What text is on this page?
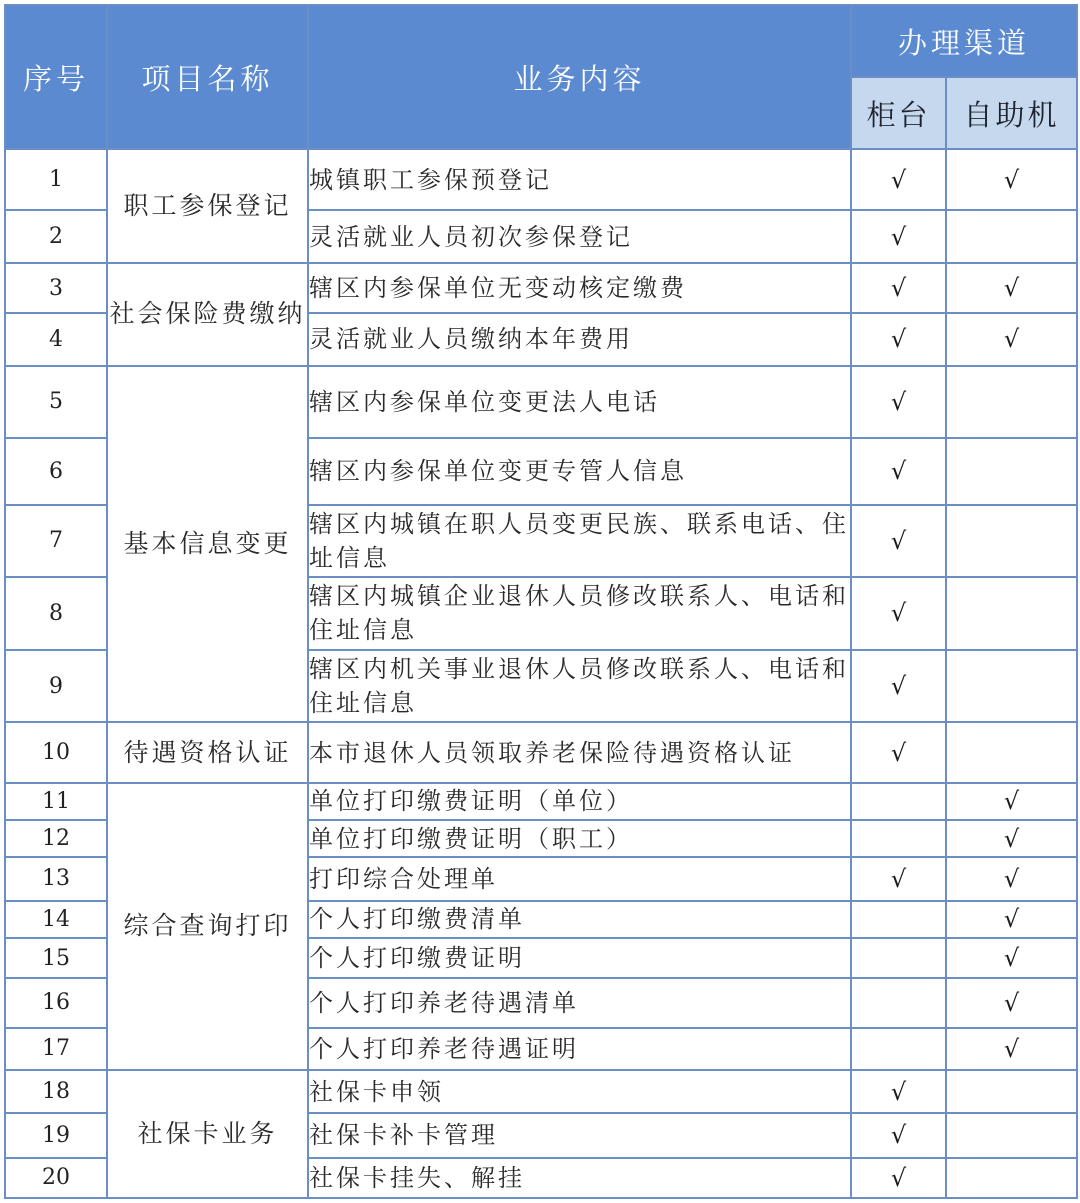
序号	项目名称	业务内容	办理渠道	
			柜台	自助机
1	职工参保登记	城镇职工参保预登记	√	√
2		灵活就业人员初次参保登记	√	
3	社会保险费缴纳	辖区内参保单位无变动核定缴费	√	√
4		灵活就业人员缴纳本年费用	√	√
5	基本信息变更	辖区内参保单位变更法人电话	√	
6		辖区内参保单位变更专管人信息	√	
7		辖区内城镇在职人员变更民族、联系电话、住址信息	√	
8		辖区内城镇企业退休人员修改联系人、电话和住址信息	√	
9		辖区内机关事业退休人员修改联系人、电话和住址信息	√	
10	待遇资格认证	本市退休人员领取养老保险待遇资格认证	√	
11	综合查询打印	单位打印缴费证明（单位）		√
12		单位打印缴费证明（职工）		√
13		打印综合处理单	√	√
14		个人打印缴费清单		√
15		个人打印缴费证明		√
16		个人打印养老待遇清单		√
17		个人打印养老待遇证明		√
18	社保卡业务	社保卡申领	√	
19		社保卡补卡管理	√	
20		社保卡挂失、解挂	√	
